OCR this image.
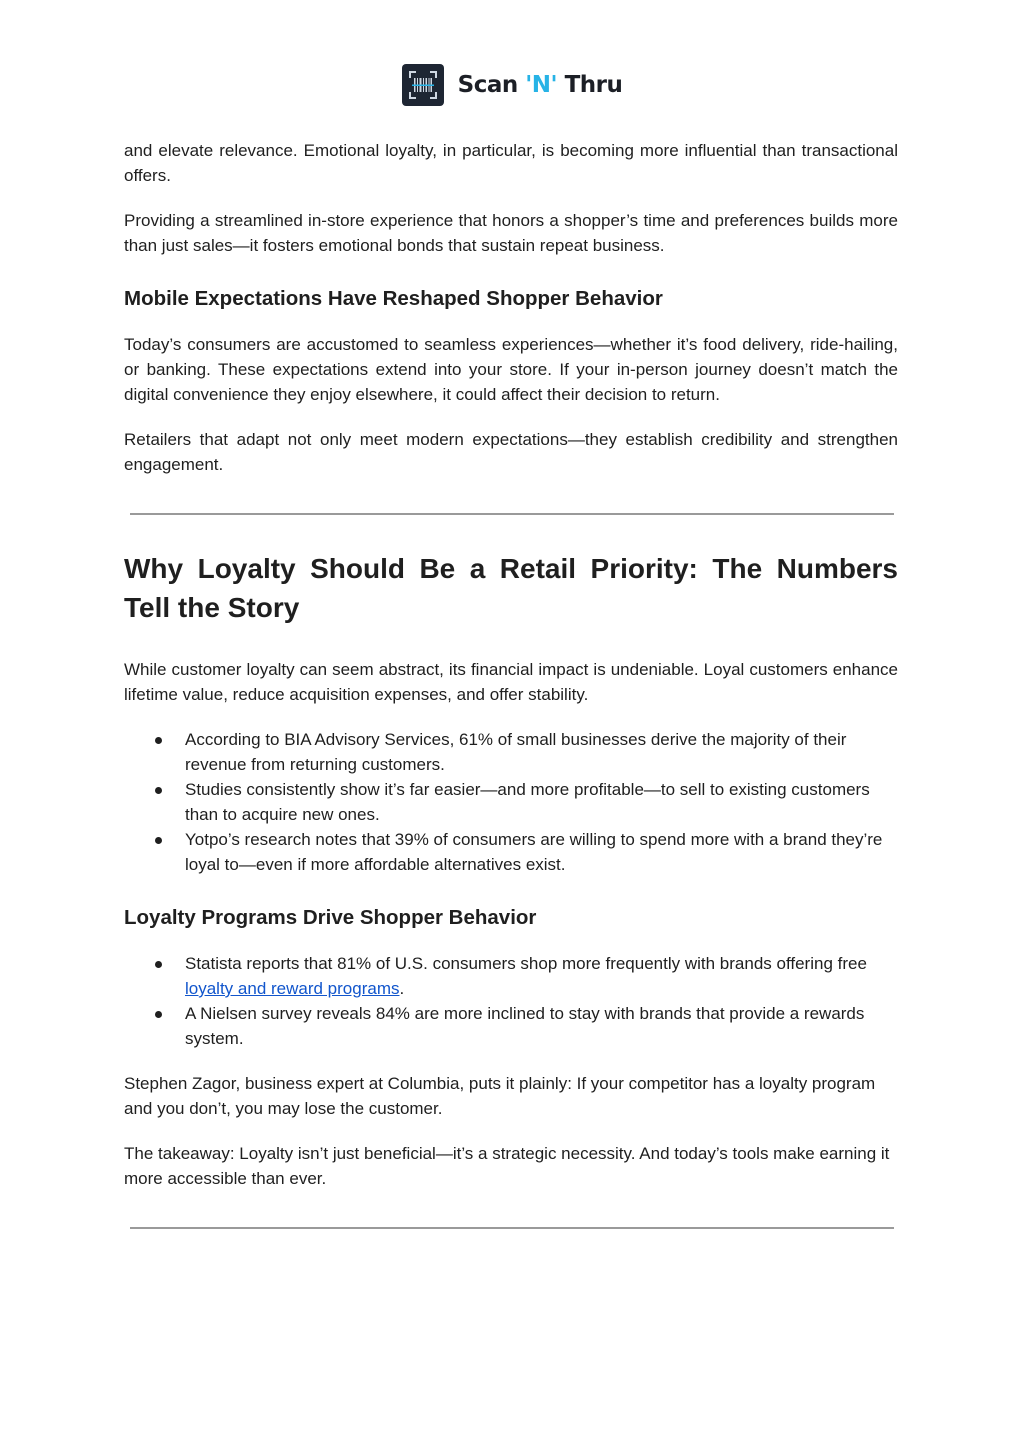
Scan 'N' Thru

and elevate relevance. Emotional loyalty, in particular, is becoming more influential than transactional offers.

Providing a streamlined in-store experience that honors a shopper’s time and preferences builds more than just sales—it fosters emotional bonds that sustain repeat business.

Mobile Expectations Have Reshaped Shopper Behavior

Today’s consumers are accustomed to seamless experiences—whether it’s food delivery, ride-hailing, or banking. These expectations extend into your store. If your in-person journey doesn’t match the digital convenience they enjoy elsewhere, it could affect their decision to return.

Retailers that adapt not only meet modern expectations—they establish credibility and strengthen engagement.

Why Loyalty Should Be a Retail Priority: The Numbers Tell the Story

While customer loyalty can seem abstract, its financial impact is undeniable. Loyal customers enhance lifetime value, reduce acquisition expenses, and offer stability.

According to BIA Advisory Services, 61% of small businesses derive the majority of their revenue from returning customers.
Studies consistently show it’s far easier—and more profitable—to sell to existing customers than to acquire new ones.
Yotpo’s research notes that 39% of consumers are willing to spend more with a brand they’re loyal to—even if more affordable alternatives exist.
Loyalty Programs Drive Shopper Behavior
Statista reports that 81% of U.S. consumers shop more frequently with brands offering free loyalty and reward programs.
A Nielsen survey reveals 84% are more inclined to stay with brands that provide a rewards system.

Stephen Zagor, business expert at Columbia, puts it plainly: If your competitor has a loyalty program and you don’t, you may lose the customer.

The takeaway: Loyalty isn’t just beneficial—it’s a strategic necessity. And today’s tools make earning it more accessible than ever.
